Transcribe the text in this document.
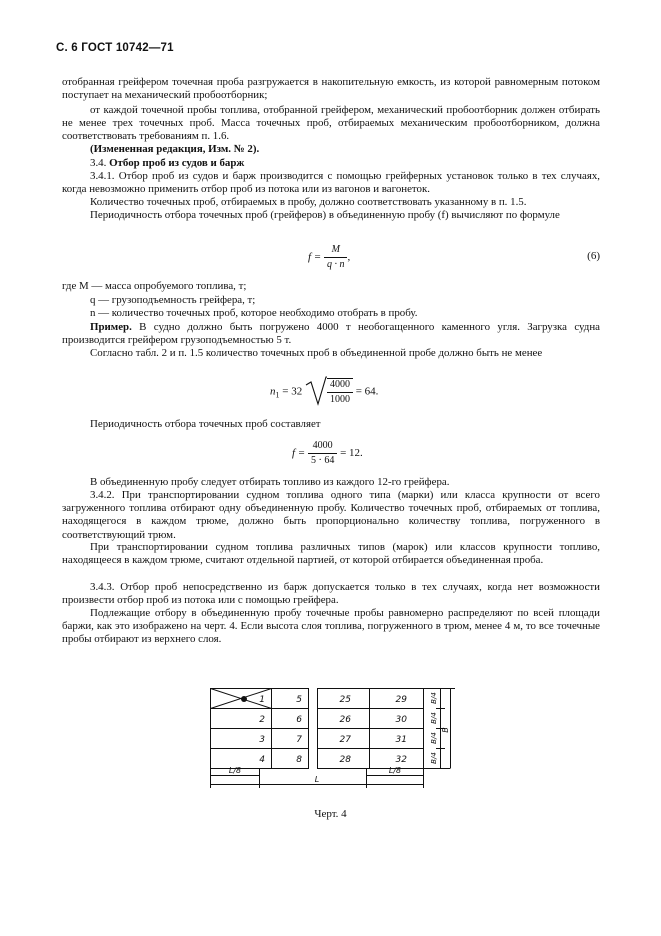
С. 6 ГОСТ 10742—71

отобранная грейфером точечная проба разгружается в накопительную емкость, из которой равномерным потоком поступает на механический пробоотборник;

от каждой точечной пробы топлива, отобранной грейфером, механический пробоотборник должен отбирать не менее трех точечных проб. Масса точечных проб, отбираемых механическим пробоотборником, должна соответствовать требованиям п. 1.6.

(Измененная редакция, Изм. № 2).

3.4. Отбор проб из судов и барж

3.4.1. Отбор проб из судов и барж производится с помощью грейферных установок только в тех случаях, когда невозможно применить отбор проб из потока или из вагонов и вагонеток.

Количество точечных проб, отбираемых в пробу, должно соответствовать указанному в п. 1.5.

Периодичность отбора точечных проб (грейферов) в объединенную пробу (f) вычисляют по формуле

$f = \frac{M}{q \cdot n}$ ,	(6)

где M — масса опробуемого топлива, т;

q — грузоподъемность грейфера, т;

n — количество точечных проб, которое необходимо отобрать в пробу.

Пример. В судно должно быть погружено 4000 т необогащенного каменного угля. Загрузка судна производится грейфером грузоподъемностью 5 т.

Согласно табл. 2 и п. 1.5 количество точечных проб в объединенной пробе должно быть не менее

$n_1 = 32 \frac{4000}{1000} = 64$.

Периодичность отбора точечных проб составляет

$f = \frac{4000}{5 \cdot 64} = 12$.

В объединенную пробу следует отбирать топливо из каждого 12-го грейфера.

3.4.2. При транспортировании судном топлива одного типа (марки) или класса крупности от всего загруженного топлива отбирают одну объединенную пробу. Количество точечных проб, отбираемых от топлива, находящегося в каждом трюме, должно быть пропорционально количеству топлива, погруженного в соответствующий трюм.

При транспортировании судном топлива различных типов (марок) или классов крупности топливо, находящееся в каждом трюме, считают отдельной партией, от которой отбирается объединенная проба.

3.4.3. Отбор проб непосредственно из барж допускается только в тех случаях, когда нет возможности произвести отбор проб из потока или с помощью грейфера.

Подлежащие отбору в объединенную пробу точечные пробы равномерно распределяют по всей площади баржи, как это изображено на черт. 4. Если высота слоя топлива, погруженного в трюм, менее 4 м, то все точечные пробы отбирают из верхнего слоя.

1
2
3
4
5
6
7
8
25
26
27
28
29
30
31
32
B/4
B/4
B/4
B/4
B
L/8	L/8
L
Черт. 4
